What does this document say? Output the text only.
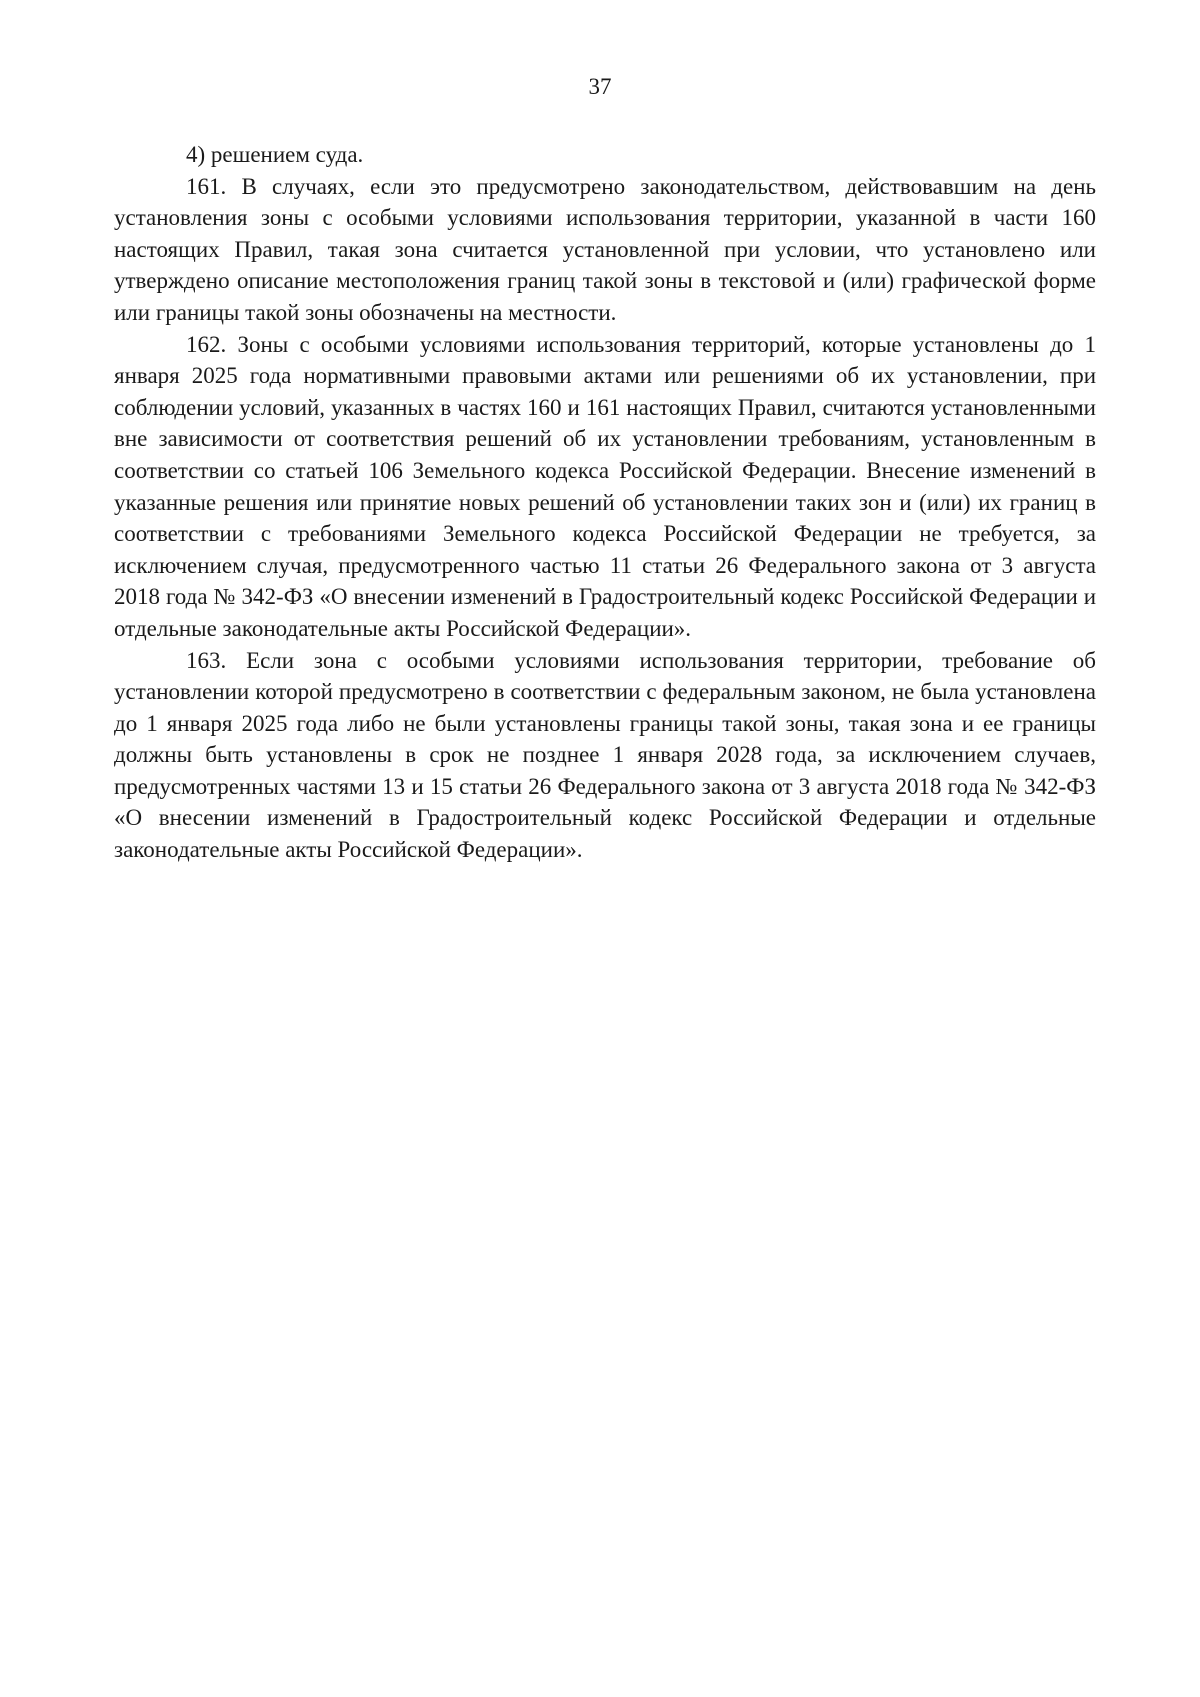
37

4) решением суда.

161. В случаях, если это предусмотрено законодательством, действовавшим на день установления зоны с особыми условиями использования территории, указанной в части 160 настоящих Правил, такая зона считается установленной при условии, что установлено или утверждено описание местоположения границ такой зоны в текстовой и (или) графической форме или границы такой зоны обозначены на местности.

162. Зоны с особыми условиями использования территорий, которые установлены до 1 января 2025 года нормативными правовыми актами или решениями об их установлении, при соблюдении условий, указанных в частях 160 и 161 настоящих Правил, считаются установленными вне зависимости от соответствия решений об их установлении требованиям, установленным в соответствии со статьей 106 Земельного кодекса Российской Федерации. Внесение изменений в указанные решения или принятие новых решений об установлении таких зон и (или) их границ в соответствии с требованиями Земельного кодекса Российской Федерации не требуется, за исключением случая, предусмотренного частью 11 статьи 26 Федерального закона от 3 августа 2018 года № 342-ФЗ «О внесении изменений в Градостроительный кодекс Российской Федерации и отдельные законодательные акты Российской Федерации».

163. Если зона с особыми условиями использования территории, требование об установлении которой предусмотрено в соответствии с федеральным законом, не была установлена до 1 января 2025 года либо не были установлены границы такой зоны, такая зона и ее границы должны быть установлены в срок не позднее 1 января 2028 года, за исключением случаев, предусмотренных частями 13 и 15 статьи 26 Федерального закона от 3 августа 2018 года № 342-ФЗ «О внесении изменений в Градостроительный кодекс Российской Федерации и отдельные законодательные акты Российской Федерации».
